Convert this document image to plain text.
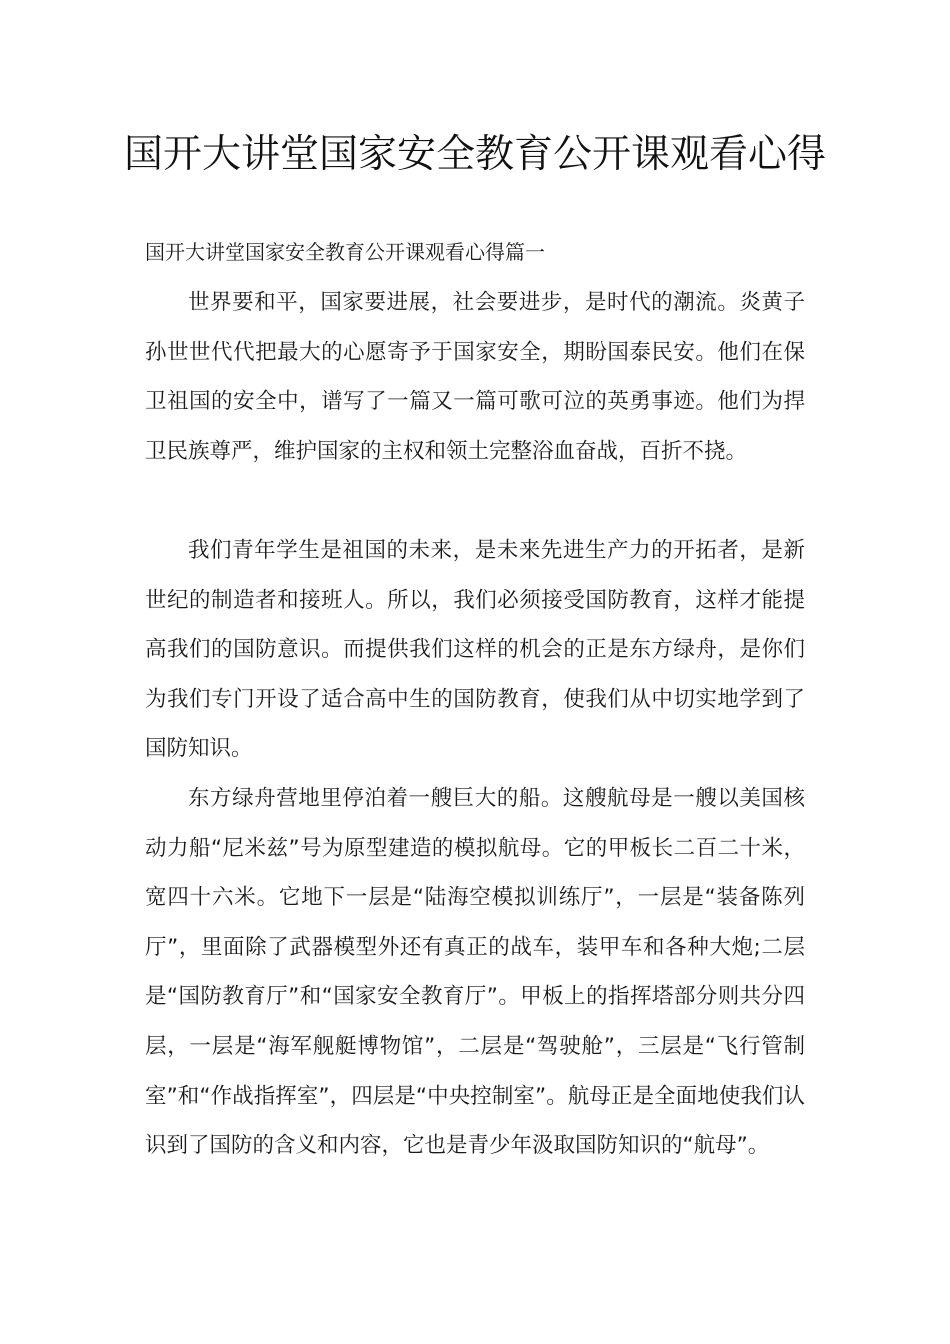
国开大讲堂国家安全教育公开课观看心得

国开大讲堂国家安全教育公开课观看心得篇一

世界要和平，国家要进展，社会要进步，是时代的潮流。炎黄子孙世世代代把最大的心愿寄予于国家安全，期盼国泰民安。他们在保卫祖国的安全中，谱写了一篇又一篇可歌可泣的英勇事迹。他们为捍卫民族尊严，维护国家的主权和领土完整浴血奋战，百折不挠。

我们青年学生是祖国的未来，是未来先进生产力的开拓者，是新世纪的制造者和接班人。所以，我们必须接受国防教育，这样才能提高我们的国防意识。而提供我们这样的机会的正是东方绿舟，是你们为我们专门开设了适合高中生的国防教育，使我们从中切实地学到了国防知识。

东方绿舟营地里停泊着一艘巨大的船。这艘航母是一艘以美国核动力船“尼米兹”号为原型建造的模拟航母。它的甲板长二百二十米，宽四十六米。它地下一层是“陆海空模拟训练厅”，一层是“装备陈列厅”，里面除了武器模型外还有真正的战车，装甲车和各种大炮;二层是“国防教育厅”和“国家安全教育厅”。甲板上的指挥塔部分则共分四层，一层是“海军舰艇博物馆”，二层是“驾驶舱”，三层是“飞行管制室”和“作战指挥室”，四层是“中央控制室”。航母正是全面地使我们认识到了国防的含义和内容，它也是青少年汲取国防知识的“航母”。
